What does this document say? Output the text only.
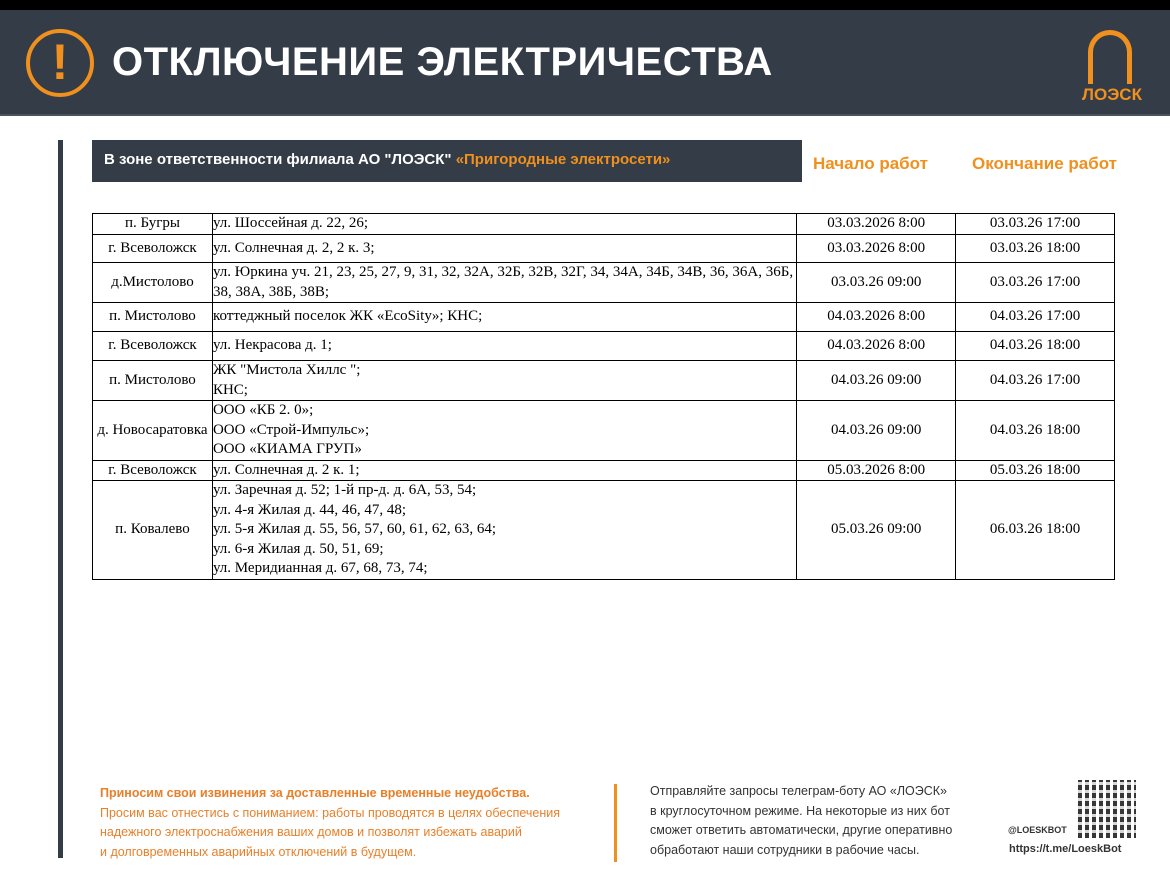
!	ОТКЛЮЧЕНИЕ ЭЛЕКТРИЧЕСТВА
ЛОЭСК
В зоне ответственности филиала АО "ЛОЭСК" «Пригородные электросети»	Начало работ	Окончание работ
п. Бугры	ул. Шоссейная д. 22, 26;	03.03.2026 8:00	03.03.26 17:00
г. Всеволожск	ул. Солнечная д. 2, 2 к. 3;	03.03.2026 8:00	03.03.26 18:00
д.Мистолово	ул. Юркина уч. 21, 23, 25, 27, 9, 31, 32, 32А, 32Б, 32В, 32Г, 34, 34А, 34Б, 34В, 36, 36А, 36Б, 38, 38А, 38Б, 38В;	03.03.26 09:00	03.03.26 17:00
п. Мистолово	коттеджный поселок ЖК «EcoSity»; КНС;	04.03.2026 8:00	04.03.26 17:00
г. Всеволожск	ул. Некрасова д. 1;	04.03.2026 8:00	04.03.26 18:00
п. Мистолово	ЖК "Мистола Хиллс ";
КНС;	04.03.26 09:00	04.03.26 17:00
д. Новосаратовка	ООО «КБ 2. 0»;
ООО «Строй-Импульс»;
ООО «КИАМА ГРУП»	04.03.26 09:00	04.03.26 18:00
г. Всеволожск	ул. Солнечная д. 2 к. 1;	05.03.2026 8:00	05.03.26 18:00
п. Ковалево	ул. Заречная д. 52; 1-й пр-д. д. 6А, 53, 54;
ул. 4-я Жилая д. 44, 46, 47, 48;
ул. 5-я Жилая д. 55, 56, 57, 60, 61, 62, 63, 64;
ул. 6-я Жилая д. 50, 51, 69;
ул. Меридианная д. 67, 68, 73, 74;	05.03.26 09:00	06.03.26 18:00
Приносим свои извинения за доставленные временные неудобства.
Просим вас отнестись с пониманием: работы проводятся в целях обеспечения
надежного электроснабжения ваших домов и позволят избежать аварий
и долговременных аварийных отключений в будущем.
Отправляйте запросы телеграм-боту АО «ЛОЭСК»
в круглосуточном режиме. На некоторые из них бот
сможет ответить автоматически, другие оперативно
обработают наши сотрудники в рабочие часы.
@LOESKBOT
https://t.me/LoeskBot
